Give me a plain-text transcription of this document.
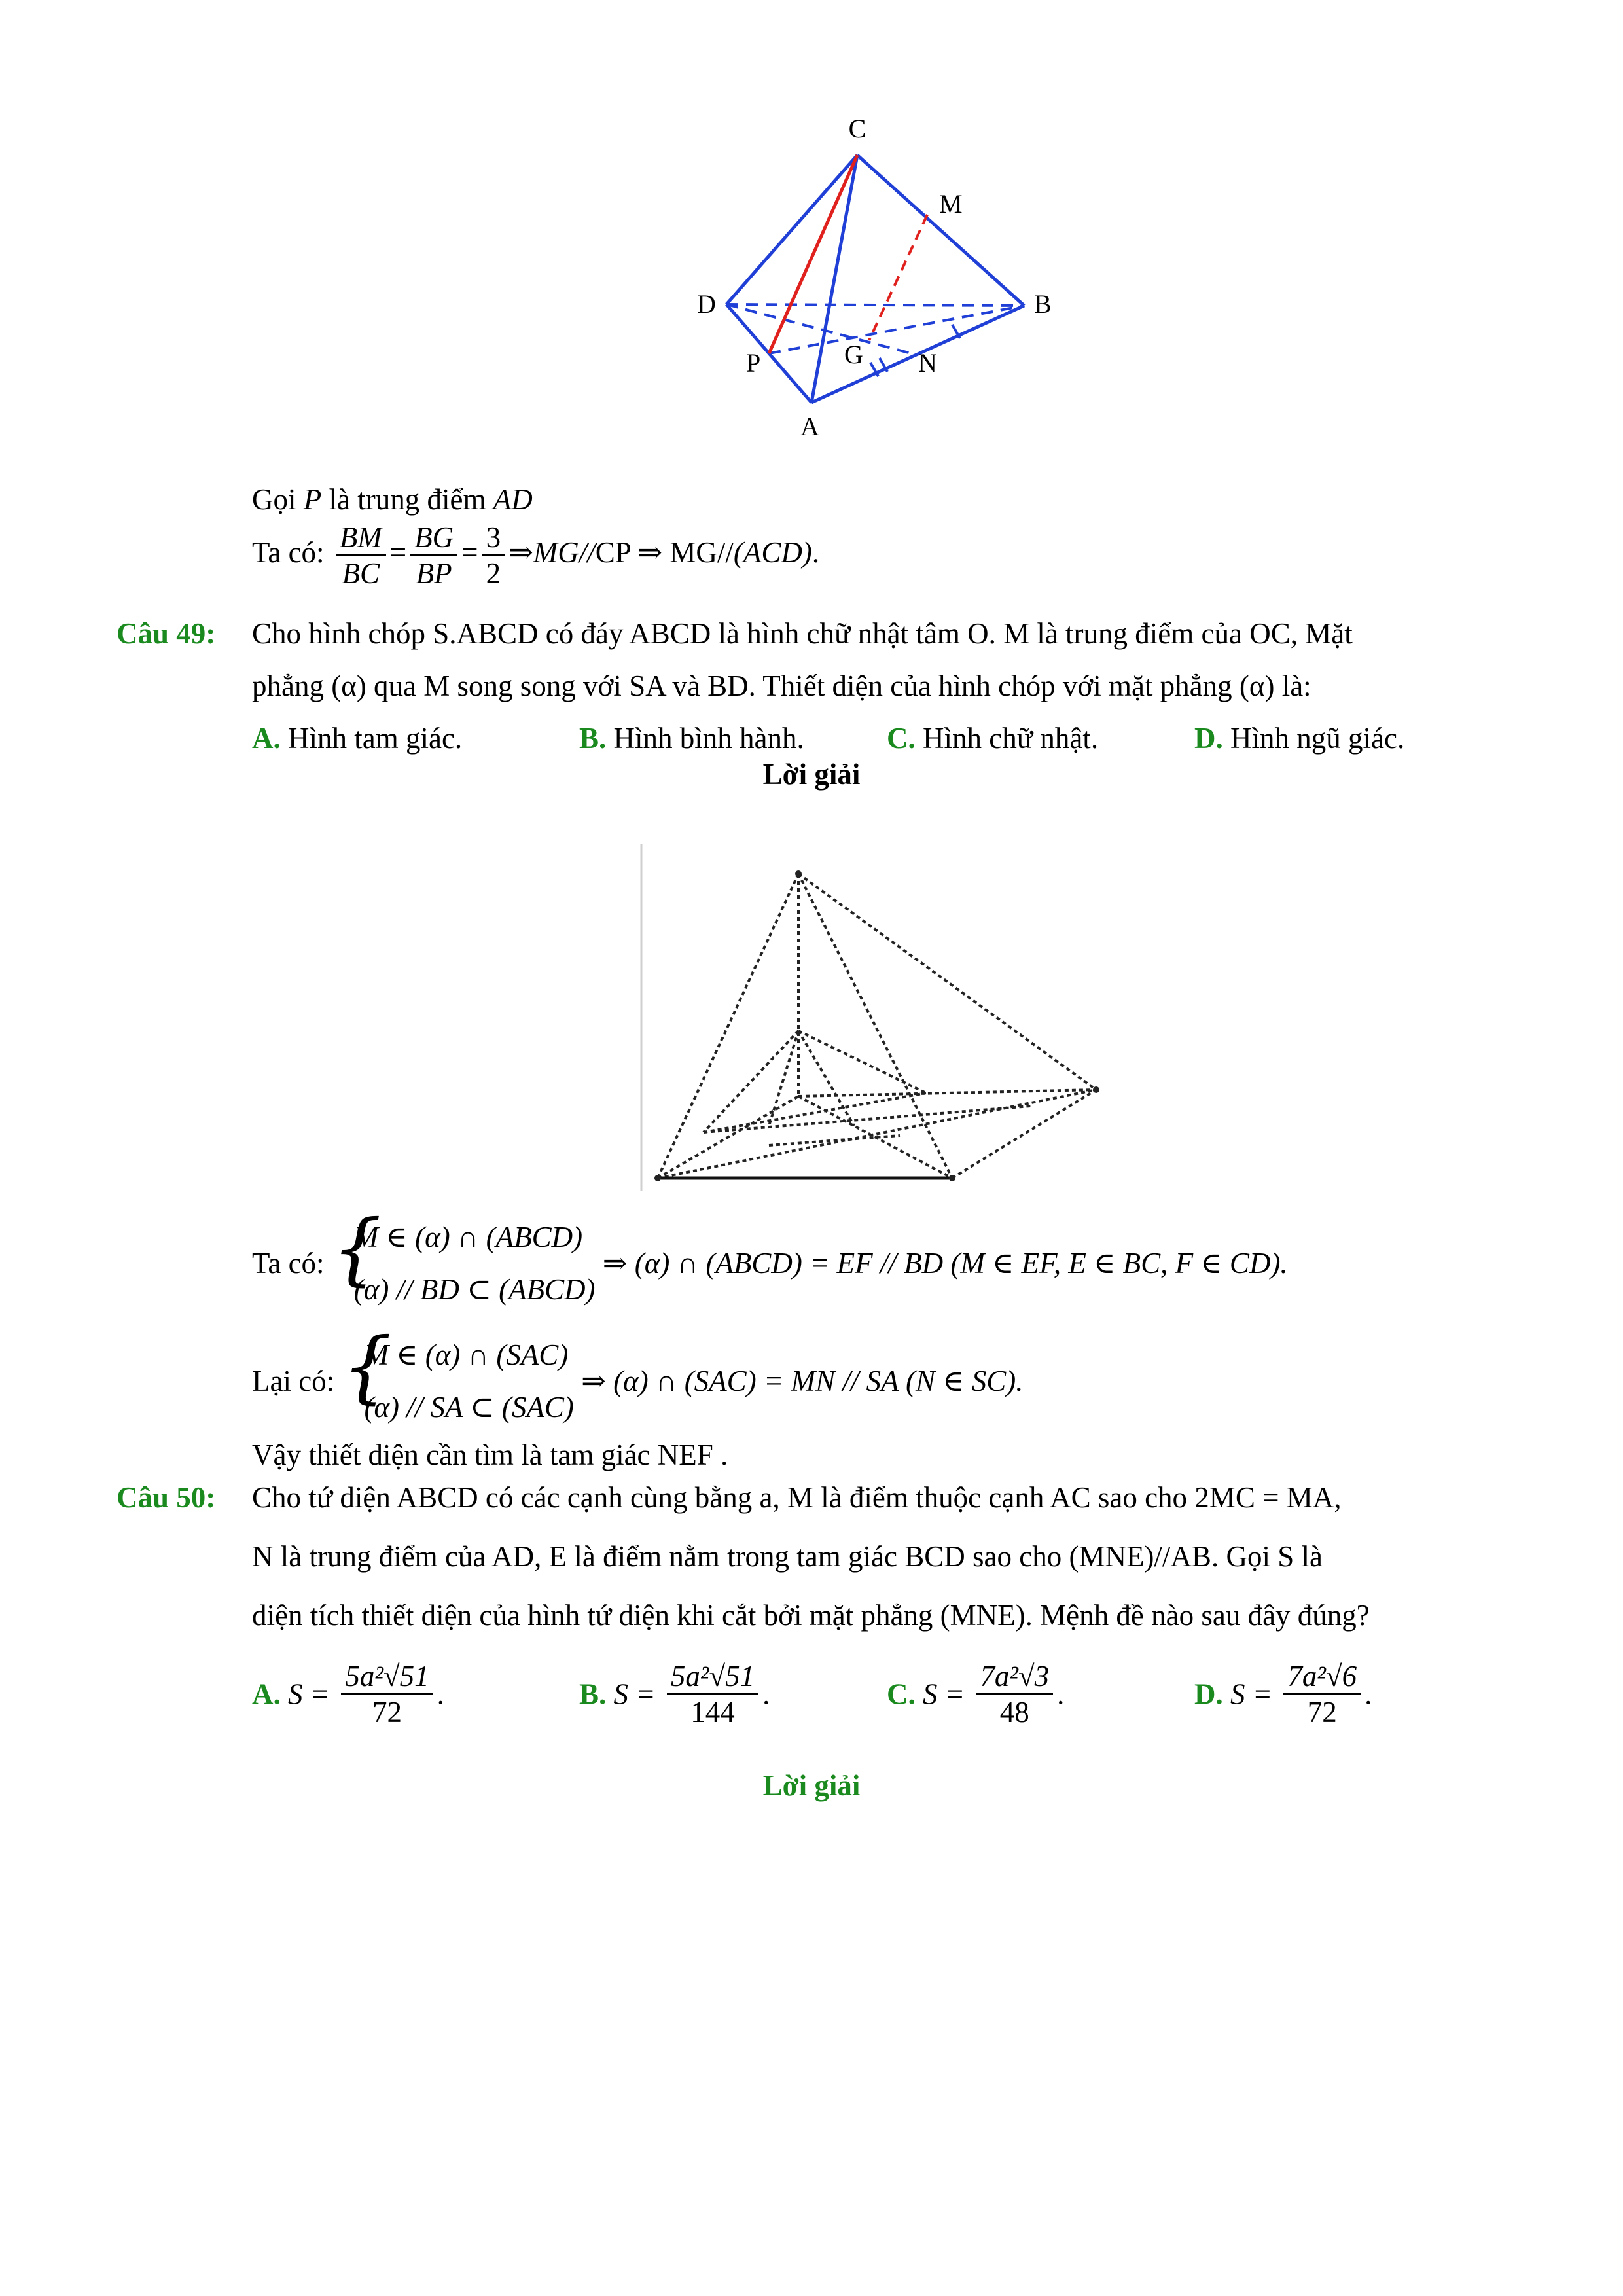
C
M
D	B
P	G N
A
Gọi P là trung điểm AD
Ta có: $\frac{BM}{BC} = \frac{BG}{BP} = \frac{3}{2}$ ⇒MG//CP ⇒ MG//(ACD).
Câu 49: Cho hình chóp S.ABCD có đáy ABCD là hình chữ nhật tâm O. M là trung điểm của OC, Mặt
phẳng (α) qua M song song với SA và BD. Thiết diện của hình chóp với mặt phẳng (α) là:
A. Hình tam giác.	B. Hình bình hành.	C. Hình chữ nhật.	D. Hình ngũ giác.
Lời giải
Ta có: {
M ∈ (α) ∩ (ABCD)
(α) // BD ⊂ (ABCD)
⇒ (α) ∩ (ABCD) = EF // BD (M ∈ EF, E ∈ BC, F ∈ CD).
Lại có: {
M ∈ (α) ∩ (SAC)
(α) // SA ⊂ (SAC)
⇒ (α) ∩ (SAC) = MN // SA (N ∈ SC).
Vậy thiết diện cần tìm là tam giác NEF .
Câu 50: Cho tứ diện ABCD có các cạnh cùng bằng a, M là điểm thuộc cạnh AC sao cho 2MC = MA,
N là trung điểm của AD, E là điểm nằm trong tam giác BCD sao cho (MNE)//AB. Gọi S là
diện tích thiết diện của hình tứ diện khi cắt bởi mặt phẳng (MNE). Mệnh đề nào sau đây đúng?
A. $S = \frac{\text{5a²√51}}{72}$ .	B. $S = \frac{\text{5a²√51}}{144}$ .	C. $S = \frac{\text{7a²√3}}{48}$ .	D. $S = \frac{\text{7a²√6}}{72}$ .
Lời giải
